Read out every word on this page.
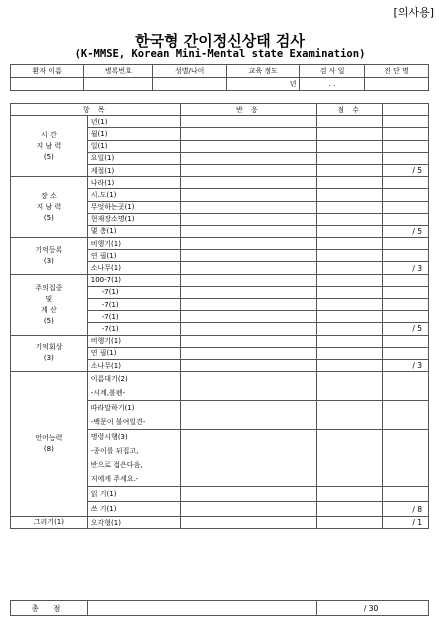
[의사용]
한국형 간이정신상태 검사
(K-MMSE, Korean Mini-Mental state Examination)
환자 이름	병록번호	성별/나이	교육 정도	검 사 일	진 단 명
			년	. .	
항 목		반 응	점 수	
시 간
지 남 력
(5)	년(1)			
	월(1)			
	일(1)			
	요일(1)			
	계절(1)			/ 5
장 소
지 남 력
(5)	나라(1)			
	시.도(1)			
	무엇하는곳(1)			
	현재장소명(1)			
	몇 층(1)			/ 5
기억등록
(3)	비행기(1)			
	연 필(1)			
	소나무(1)			/ 3
주의집중
및
계 산
(5)	100-7(1)			
	-7(1)			
	-7(1)			
	-7(1)			
	-7(1)			/ 5
기억회상
(3)	비행기(1)			
	연 필(1)			
	소나무(1)			/ 3
언어능력
(8)	이름대기(2)
-시계,볼펜-			
	따라말하기(1)
-백문이 불여일견-			
	명령시행(3)
-종이를 뒤집고,
반으로 접은다음,
저에게 주세요.-			
	읽 기(1)			
	쓰 기(1)			/ 8
그리기(1)	오각형(1)			/ 1
총 점		/ 30
